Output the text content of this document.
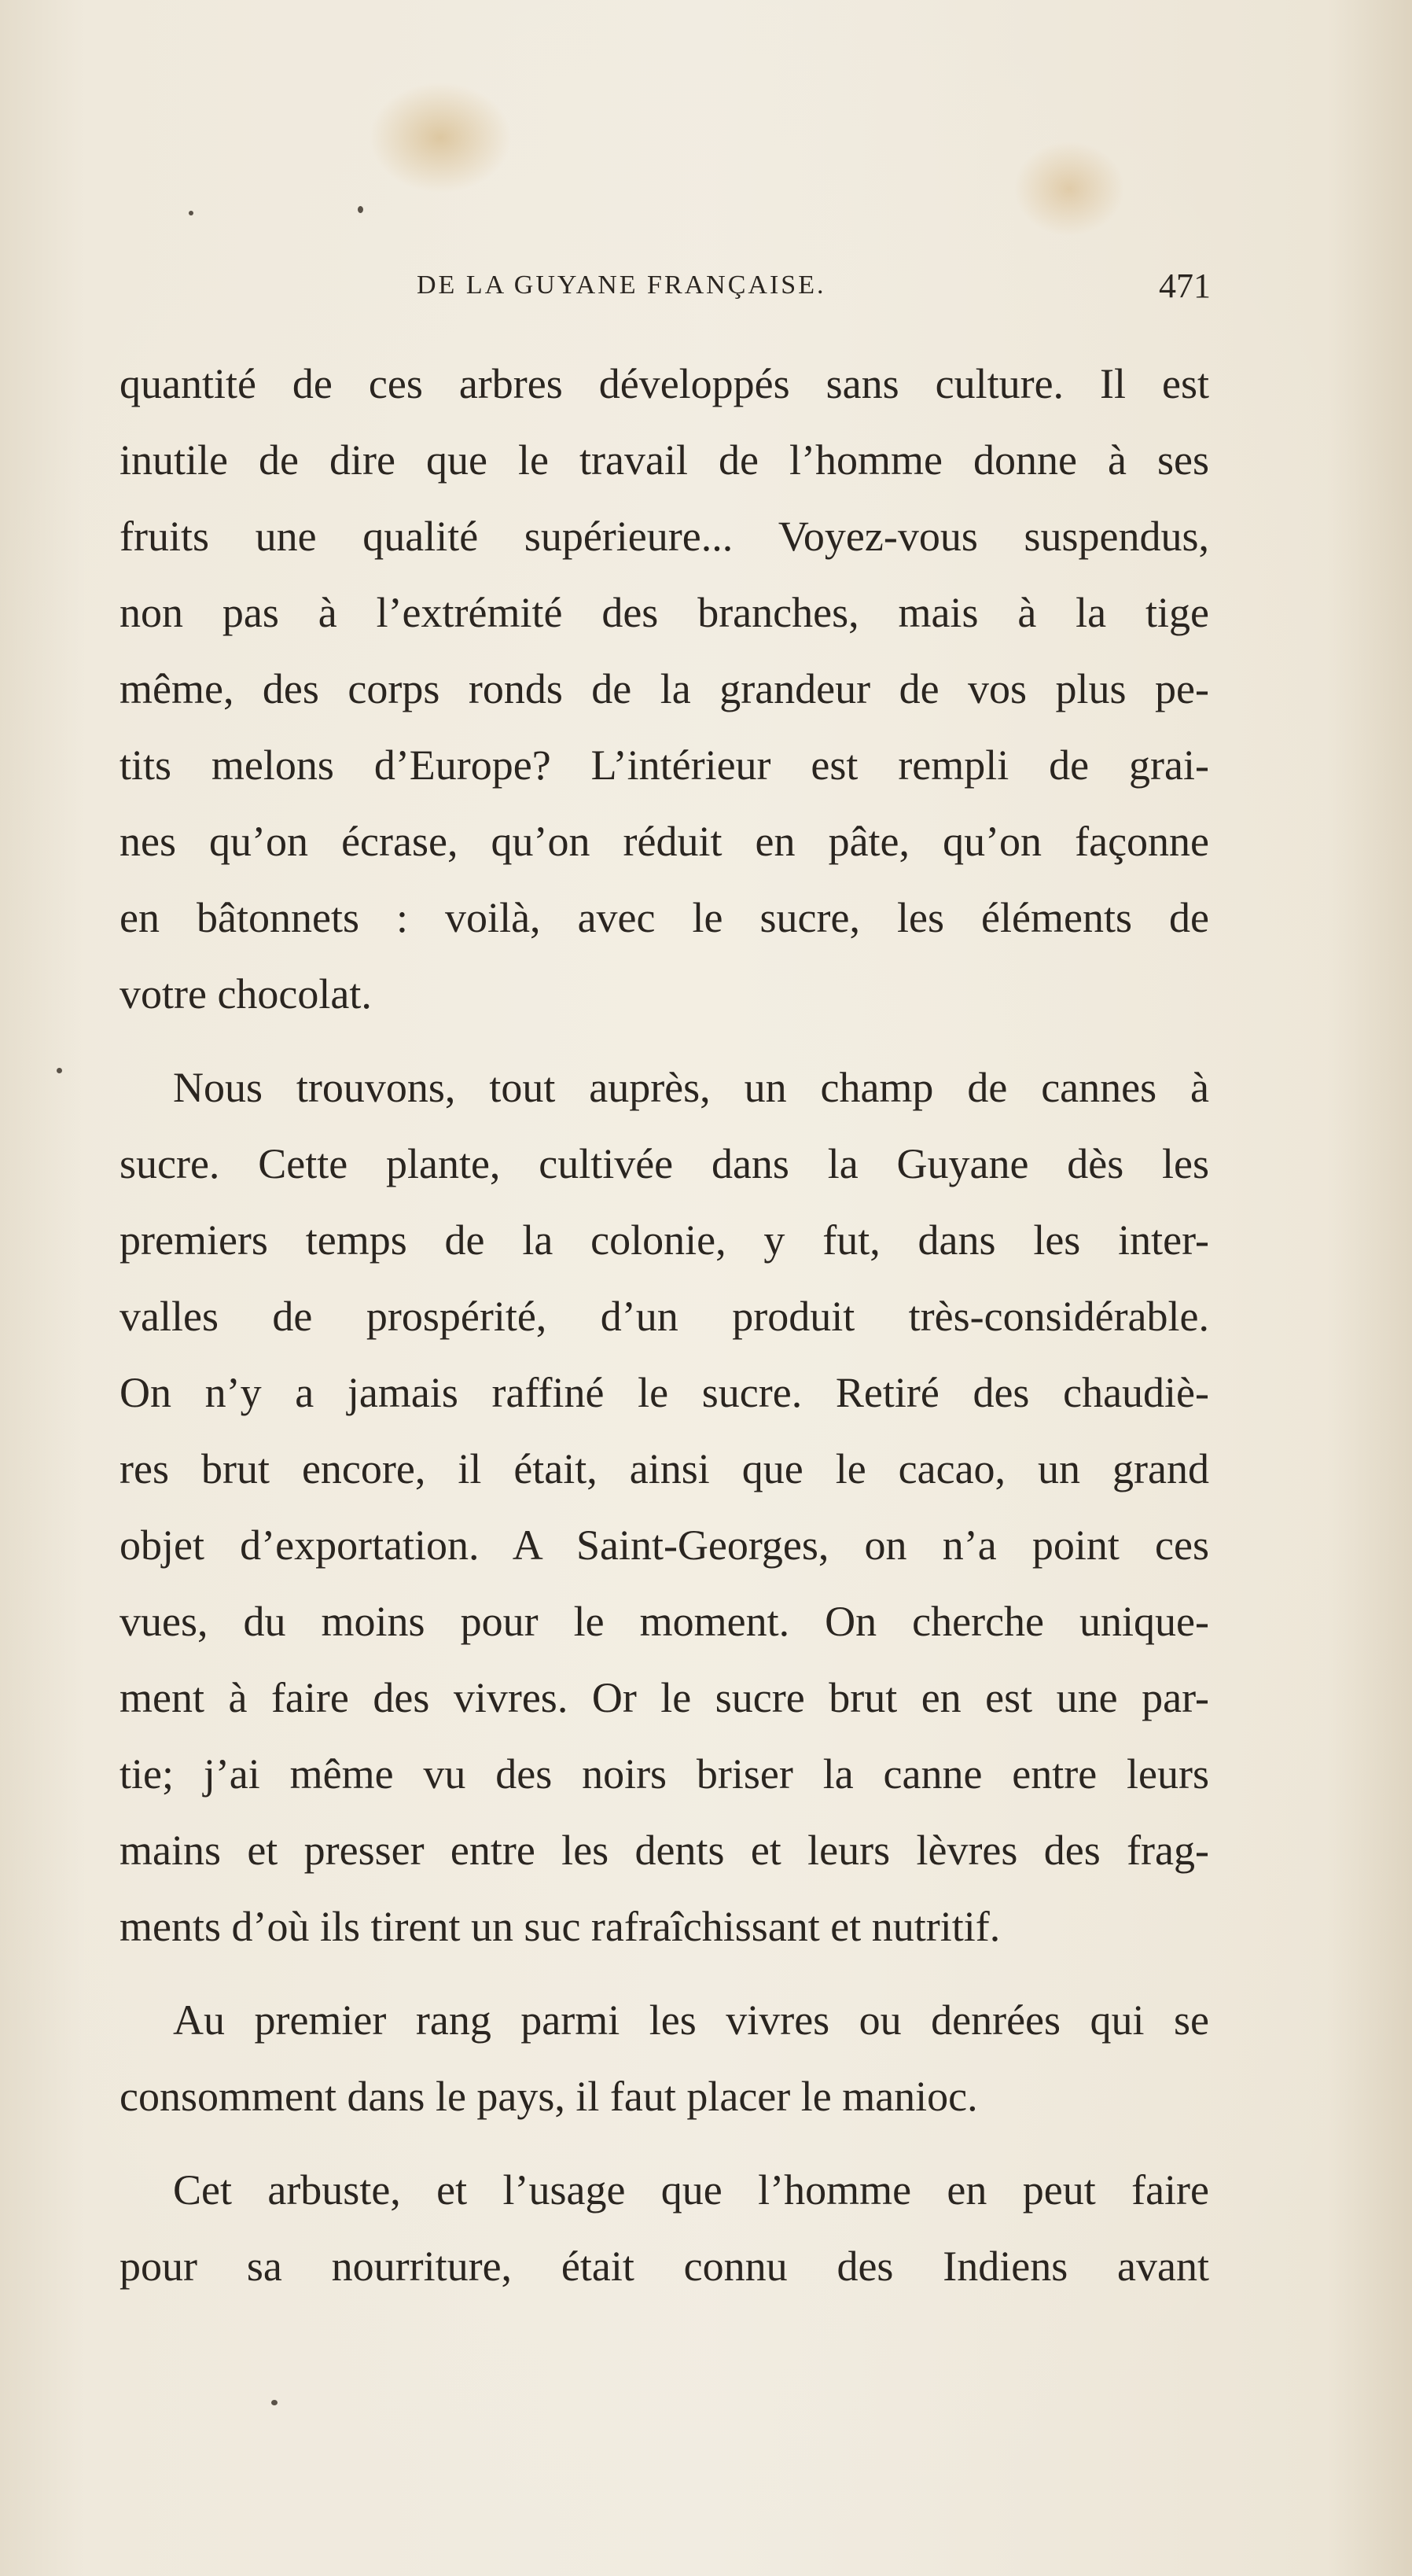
DE LA GUYANE FRANÇAISE.	471
quantité de ces arbres développés sans culture. Il est
inutile de dire que le travail de l’homme donne à ses
fruits une qualité supérieure... Voyez-vous suspendus,
non pas à l’extrémité des branches, mais à la tige
même, des corps ronds de la grandeur de vos plus pe-
tits melons d’Europe? L’intérieur est rempli de grai-
nes qu’on écrase, qu’on réduit en pâte, qu’on façonne
en bâtonnets : voilà, avec le sucre, les éléments de
votre chocolat.
Nous trouvons, tout auprès, un champ de cannes à
sucre. Cette plante, cultivée dans la Guyane dès les
premiers temps de la colonie, y fut, dans les inter-
valles de prospérité, d’un produit très-considérable.
On n’y a jamais raffiné le sucre. Retiré des chaudiè-
res brut encore, il était, ainsi que le cacao, un grand
objet d’exportation. A Saint-Georges, on n’a point ces
vues, du moins pour le moment. On cherche unique-
ment à faire des vivres. Or le sucre brut en est une par-
tie; j’ai même vu des noirs briser la canne entre leurs
mains et presser entre les dents et leurs lèvres des frag-
ments d’où ils tirent un suc rafraîchissant et nutritif.
Au premier rang parmi les vivres ou denrées qui se
consomment dans le pays, il faut placer le manioc.
Cet arbuste, et l’usage que l’homme en peut faire
pour sa nourriture, était connu des Indiens avant
